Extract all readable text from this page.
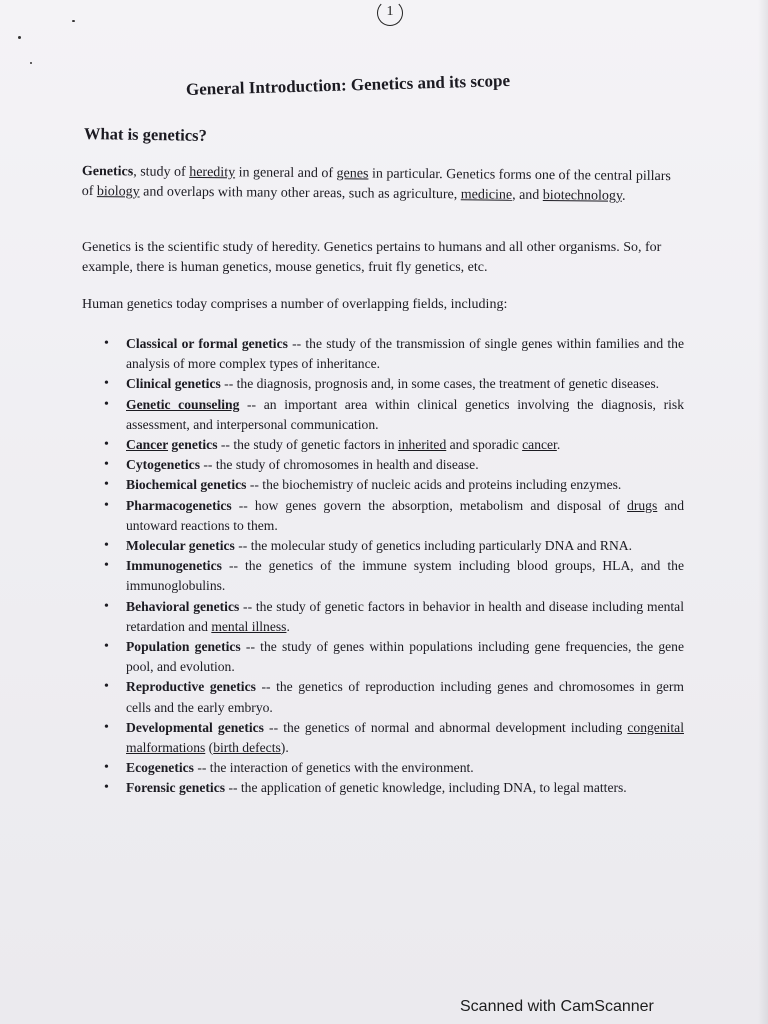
1
General Introduction: Genetics and its scope
What is genetics?

Genetics, study of heredity in general and of genes in particular. Genetics forms one of the central pillars of biology and overlaps with many other areas, such as agriculture, medicine, and biotechnology.

Genetics is the scientific study of heredity. Genetics pertains to humans and all other organisms. So, for example, there is human genetics, mouse genetics, fruit fly genetics, etc.

Human genetics today comprises a number of overlapping fields, including:

• Classical or formal genetics -- the study of the transmission of single genes within families and the analysis of more complex types of inheritance.
• Clinical genetics -- the diagnosis, prognosis and, in some cases, the treatment of genetic diseases.
• Genetic counseling -- an important area within clinical genetics involving the diagnosis, risk assessment, and interpersonal communication.
• Cancer genetics -- the study of genetic factors in inherited and sporadic cancer.
• Cytogenetics -- the study of chromosomes in health and disease.
• Biochemical genetics -- the biochemistry of nucleic acids and proteins including enzymes.
• Pharmacogenetics -- how genes govern the absorption, metabolism and disposal of drugs and untoward reactions to them.
• Molecular genetics -- the molecular study of genetics including particularly DNA and RNA.
• Immunogenetics -- the genetics of the immune system including blood groups, HLA, and the immunoglobulins.
• Behavioral genetics -- the study of genetic factors in behavior in health and disease including mental retardation and mental illness.
• Population genetics -- the study of genes within populations including gene frequencies, the gene pool, and evolution.
• Reproductive genetics -- the genetics of reproduction including genes and chromosomes in germ cells and the early embryo.
• Developmental genetics -- the genetics of normal and abnormal development including congenital malformations (birth defects).
• Ecogenetics -- the interaction of genetics with the environment.
• Forensic genetics -- the application of genetic knowledge, including DNA, to legal matters.
Scanned with CamScanner
